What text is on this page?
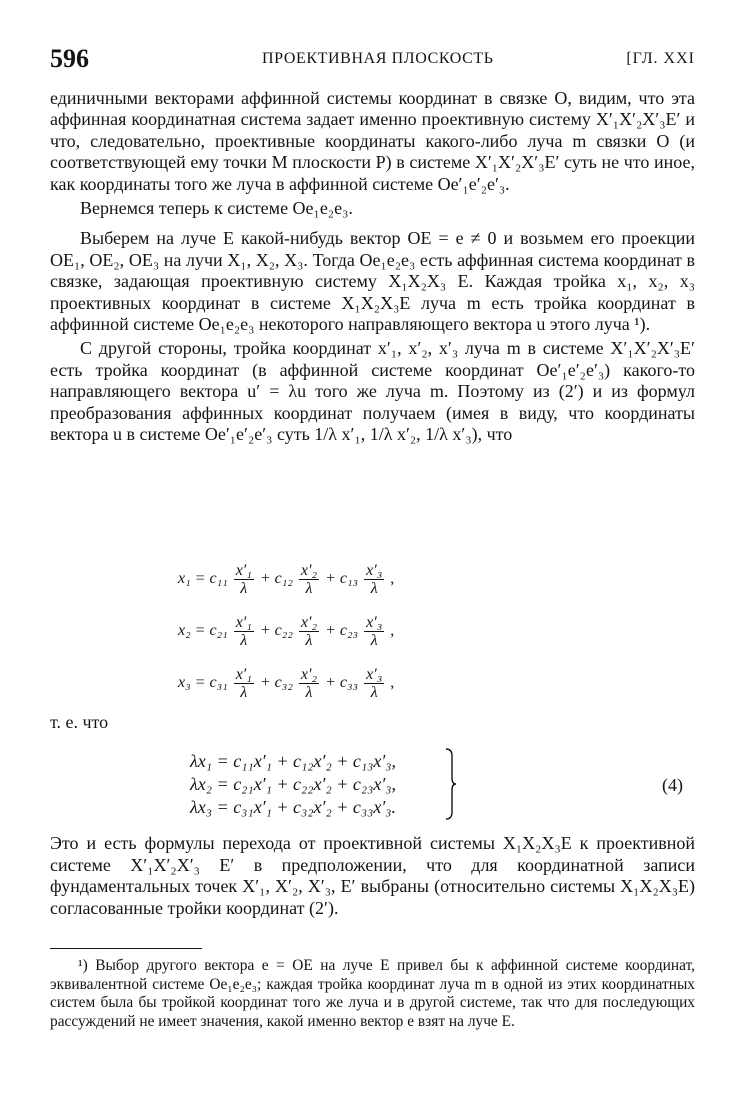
596	ПРОЕКТИВНАЯ ПЛОСКОСТЬ	[ГЛ. XXI

единичными векторами аффинной системы координат в связке O, видим, что эта аффинная координатная система задает именно проективную систему X′₁X′₂X′₃E′ и что, следовательно, проективные координаты какого-либо луча m связки O (и соответствующей ему точки M плоскости P) в системе X′₁X′₂X′₃E′ суть не что иное, как координаты того же луча в аффинной системе Oe′₁e′₂e′₃.

Вернемся теперь к системе Oe₁e₂e₃.

Выберем на луче E какой-нибудь вектор OE = e ≠ 0 и возьмем его проекции OE₁, OE₂, OE₃ на лучи X₁, X₂, X₃. Тогда Oe₁e₂e₃ есть аффинная система координат в связке, задающая проективную систему X₁X₂X₃ E. Каждая тройка x₁, x₂, x₃ проективных координат в системе X₁X₂X₃E луча m есть тройка координат в аффинной системе Oe₁e₂e₃ некоторого направляющего вектора u этого луча ¹).

С другой стороны, тройка координат x′₁, x′₂, x′₃ луча m в системе X′₁X′₂X′₃E′ есть тройка координат (в аффинной системе координат Oe′₁e′₂e′₃) какого-то направляющего вектора u′ = λu того же луча m. Поэтому из (2′) и из формул преобразования аффинных координат получаем (имея в виду, что координаты вектора u в системе Oe′₁e′₂e′₃ суть 1/λ x′₁, 1/λ x′₂, 1/λ x′₃), что

$x_1 = c_{11} \frac{\text{x′₁}}{\lambda} + c_{12} \frac{\text{x′₂}}{\lambda} + c_{13} \frac{\text{x′₃}}{\lambda}$ ,
$x_2 = c_{21} \frac{\text{x′₁}}{\lambda} + c_{22} \frac{\text{x′₂}}{\lambda} + c_{23} \frac{\text{x′₃}}{\lambda}$ ,
$x_3 = c_{31} \frac{\text{x′₁}}{\lambda} + c_{32} \frac{\text{x′₂}}{\lambda} + c_{33} \frac{\text{x′₃}}{\lambda}$ ,
т. е. что
λx₁ = c₁₁x′₁ + c₁₂x′₂ + c₁₃x′₃,
λx₂ = c₂₁x′₁ + c₂₂x′₂ + c₂₃x′₃,
λx₃ = c₃₁x′₁ + c₃₂x′₂ + c₃₃x′₃.
(4)

Это и есть формулы перехода от проективной системы X₁X₂X₃E к проективной системе X′₁X′₂X′₃ E′ в предположении, что для координатной записи фундаментальных точек X′₁, X′₂, X′₃, E′ выбраны (относительно системы X₁X₂X₃E) согласованные тройки координат (2′).

¹) Выбор другого вектора e = OE на луче E привел бы к аффинной системе координат, эквивалентной системе Oe₁e₂e₃; каждая тройка координат луча m в одной из этих координатных систем была бы тройкой координат того же луча и в другой системе, так что для последующих рассуждений не имеет значения, какой именно вектор e взят на луче E.
